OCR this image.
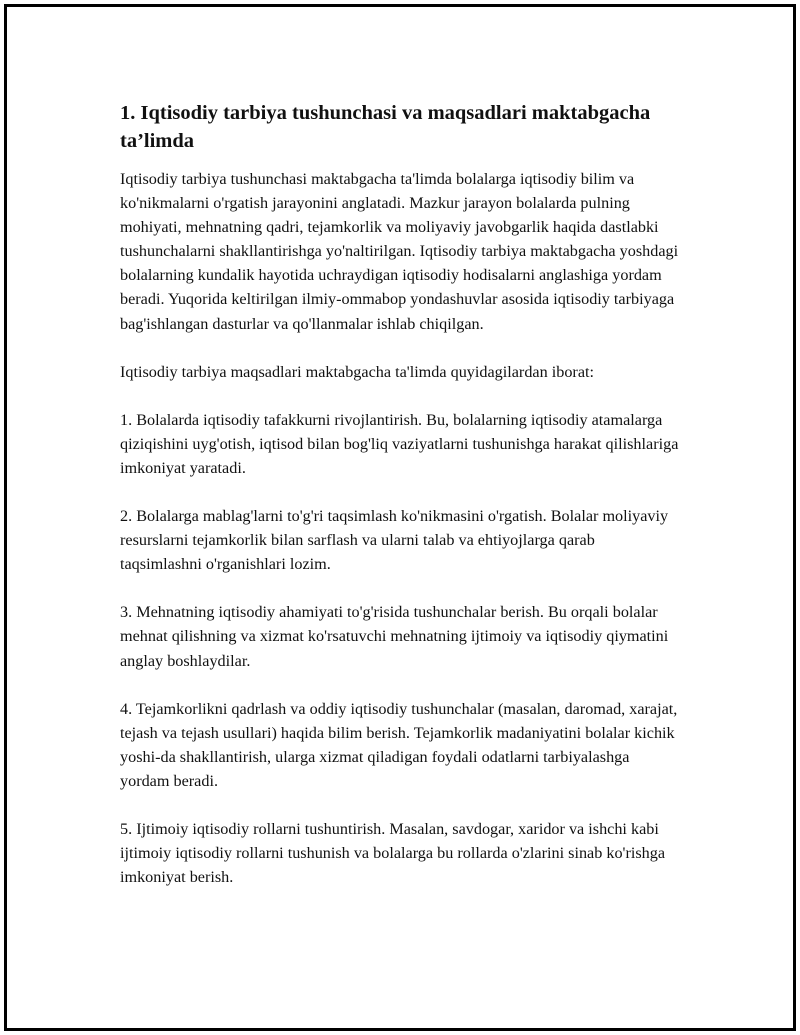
1. Iqtisodiy tarbiya tushunchasi va maqsadlari maktabgacha ta’limda

Iqtisodiy tarbiya tushunchasi maktabgacha ta'limda bolalarga iqtisodiy bilim va ko'nikmalarni o'rgatish jarayonini anglatadi. Mazkur jarayon bolalarda pulning mohiyati, mehnatning qadri, tejamkorlik va moliyaviy javobgarlik haqida dastlabki tushunchalarni shakllantirishga yo'naltirilgan. Iqtisodiy tarbiya maktabgacha yoshdagi bolalarning kundalik hayotida uchraydigan iqtisodiy hodisalarni anglashiga yordam beradi. Yuqorida keltirilgan ilmiy-ommabop yondashuvlar asosida iqtisodiy tarbiyaga bag'ishlangan dasturlar va qo'llanmalar ishlab chiqilgan.

Iqtisodiy tarbiya maqsadlari maktabgacha ta'limda quyidagilardan iborat:

1. Bolalarda iqtisodiy tafakkurni rivojlantirish. Bu, bolalarning iqtisodiy atamalarga qiziqishini uyg'otish, iqtisod bilan bog'liq vaziyatlarni tushunishga harakat qilishlariga imkoniyat yaratadi.

2. Bolalarga mablag'larni to'g'ri taqsimlash ko'nikmasini o'rgatish. Bolalar moliyaviy resurslarni tejamkorlik bilan sarflash va ularni talab va ehtiyojlarga qarab taqsimlashni o'rganishlari lozim.

3. Mehnatning iqtisodiy ahamiyati to'g'risida tushunchalar berish. Bu orqali bolalar mehnat qilishning va xizmat ko'rsatuvchi mehnatning ijtimoiy va iqtisodiy qiymatini anglay boshlaydilar.

4. Tejamkorlikni qadrlash va oddiy iqtisodiy tushunchalar (masalan, daromad, xarajat, tejash va tejash usullari) haqida bilim berish. Tejamkorlik madaniyatini bolalar kichik yoshi-da shakllantirish, ularga xizmat qiladigan foydali odatlarni tarbiyalashga yordam beradi.

5. Ijtimoiy iqtisodiy rollarni tushuntirish. Masalan, savdogar, xaridor va ishchi kabi ijtimoiy iqtisodiy rollarni tushunish va bolalarga bu rollarda o'zlarini sinab ko'rishga imkoniyat berish.
